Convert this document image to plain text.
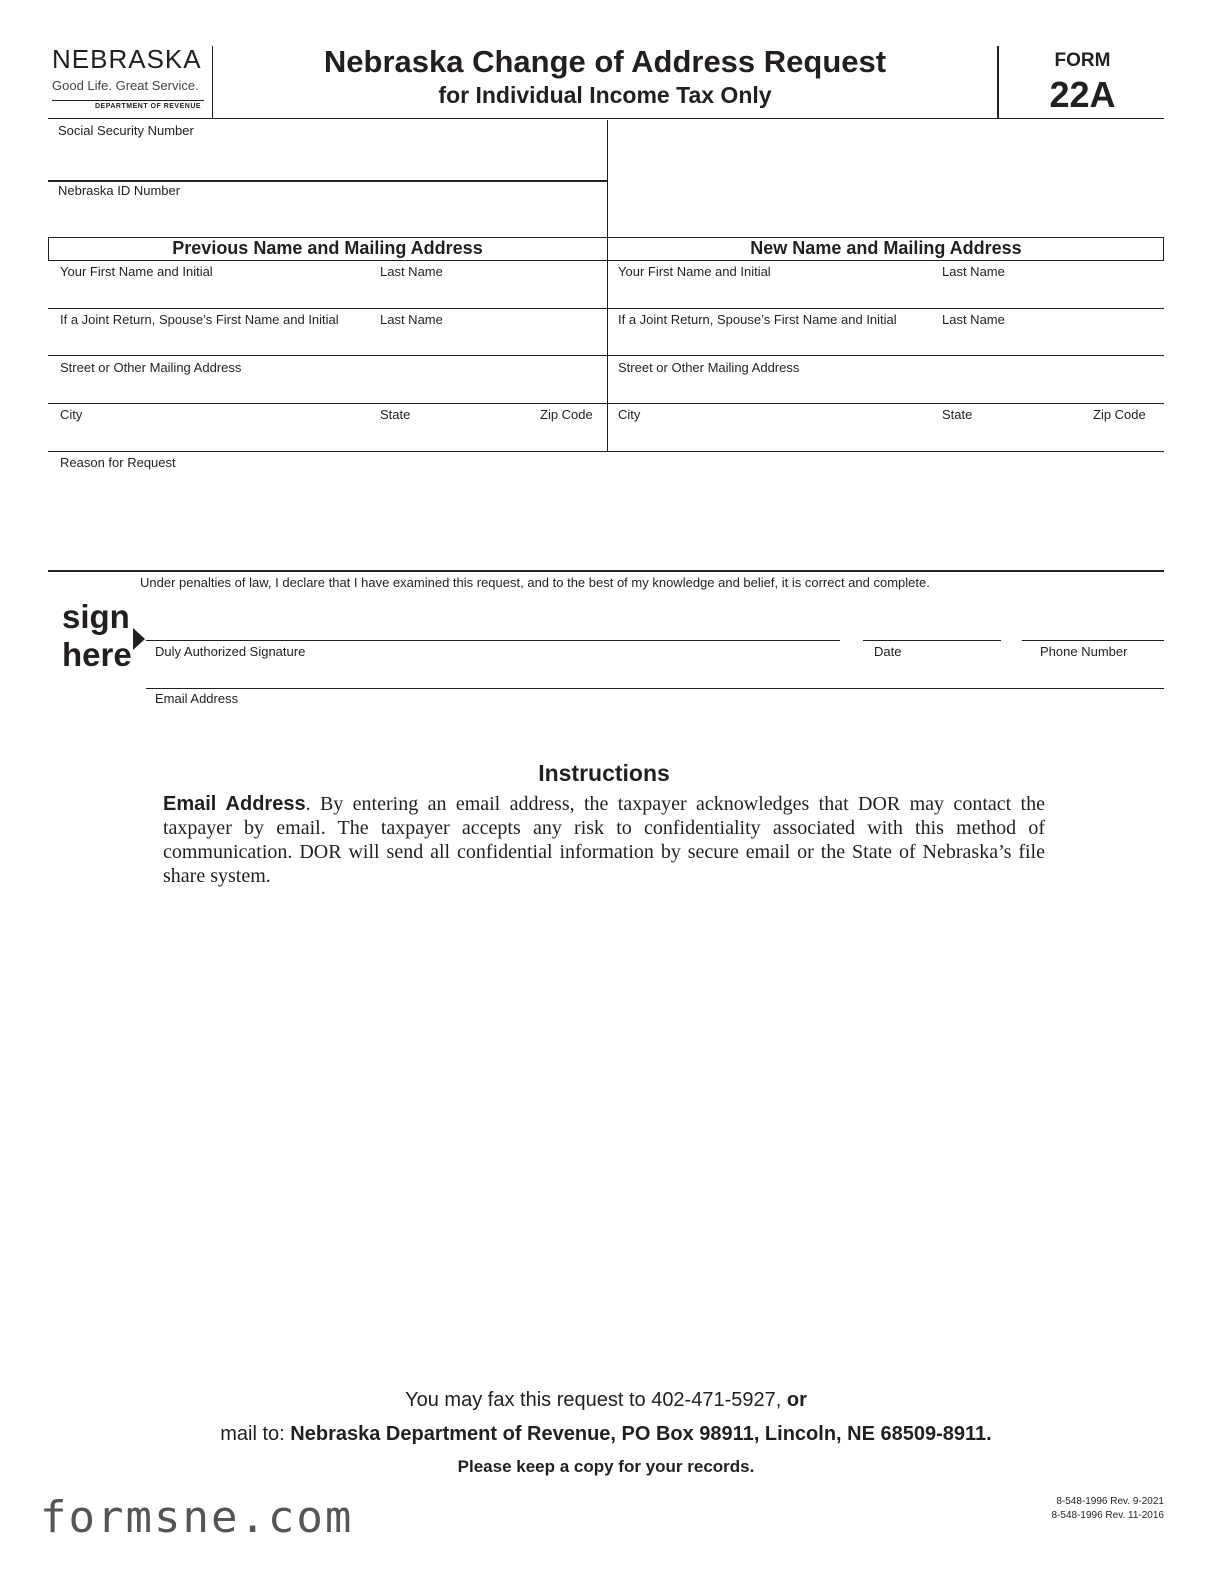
NEBRASKA
Good Life. Great Service.
DEPARTMENT OF REVENUE
Nebraska Change of Address Request
for Individual Income Tax Only
FORM
22A
Social Security Number
Nebraska ID Number
Previous Name and Mailing Address	New Name and Mailing Address
Your First Name and Initial	Last Name
If a Joint Return, Spouse’s First Name and Initial	Last Name
Street or Other Mailing Address
City	State	Zip Code
Your First Name and Initial	Last Name
If a Joint Return, Spouse’s First Name and Initial	Last Name
Street or Other Mailing Address
City	State	Zip Code
Reason for Request
Under penalties of law, I declare that I have examined this request, and to the best of my knowledge and belief, it is correct and complete.
sign
here Duly Authorized Signature	Date	Phone Number
Email Address
Instructions
Email Address. By entering an email address, the taxpayer acknowledges that DOR may contact the taxpayer by email. The taxpayer accepts any risk to confidentiality associated with this method of communication. DOR will send all confidential information by secure email or the State of Nebraska’s file share system.
You may fax this request to 402-471-5927, or
mail to: Nebraska Department of Revenue, PO Box 98911, Lincoln, NE 68509-8911.
Please keep a copy for your records.
formsne.com	8-548-1996 Rev. 9-2021
8-548-1996 Rev. 11-2016
